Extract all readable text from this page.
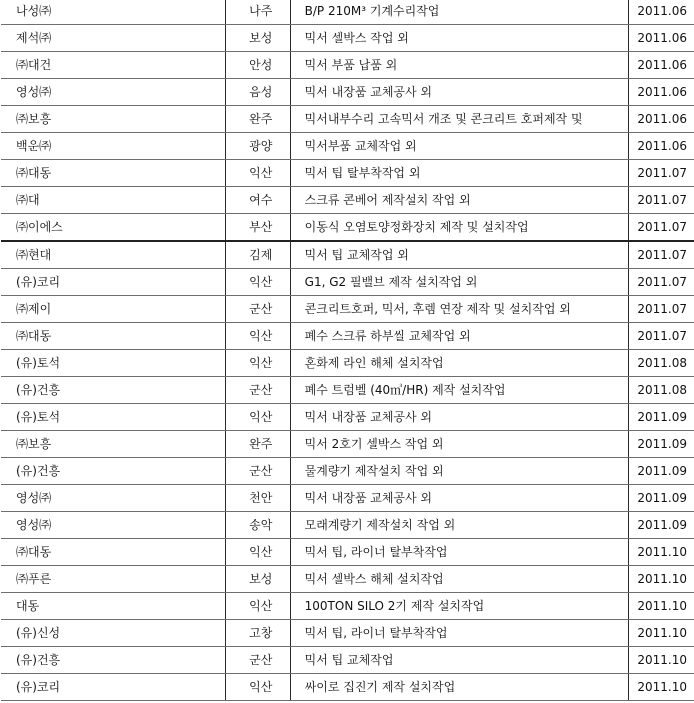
나성㈜	나주	B/P 210M³ 기계수리작업	2011.06
제석㈜	보성	믹서 셀박스 작업 외	2011.06
㈜대건	안성	믹서 부품 납품 외	2011.06
영성㈜	음성	믹서 내장품 교체공사 외	2011.06
㈜보흥	완주	믹서내부수리 고속믹서 개조 및 콘크리트 호퍼제작 및	2011.06
백운㈜	광양	믹서부품 교체작업 외	2011.06
㈜대동	익산	믹서 팁 탈부착작업 외	2011.07
㈜대	여수	스크류 콘베어 제작설치 작업 외	2011.07
㈜이에스	부산	이동식 오염토양정화장치 제작 및 설치작업	2011.07
㈜현대	김제	믹서 팁 교체작업 외	2011.07
(유)코리	익산	G1, G2 필밸브 제작 설치작업 외	2011.07
㈜제이	군산	콘크리트호퍼, 믹서, 후렘 연장 제작 및 설치작업 외	2011.07
㈜대동	익산	폐수 스크류 하부씰 교체작업 외	2011.07
(유)토석	익산	혼화제 라인 해체 설치작업	2011.08
(유)건흥	군산	폐수 트럼벨 (40㎥/HR) 제작 설치작업	2011.08
(유)토석	익산	믹서 내장품 교체공사 외	2011.09
㈜보흥	완주	믹서 2호기 셀박스 작업 외	2011.09
(유)건흥	군산	물계량기 제작설치 작업 외	2011.09
영성㈜	천안	믹서 내장품 교체공사 외	2011.09
영성㈜	송악	모래계량기 제작설치 작업 외	2011.09
㈜대동	익산	믹서 팁, 라이너 탈부착작업	2011.10
㈜푸른	보성	믹서 셀박스 해체 설치작업	2011.10
대동	익산	100TON SILO 2기 제작 설치작업	2011.10
(유)신성	고창	믹서 팁, 라이너 탈부착작업	2011.10
(유)건흥	군산	믹서 팁 교체작업	2011.10
(유)코리	익산	싸이로 집진기 제작 설치작업	2011.10
